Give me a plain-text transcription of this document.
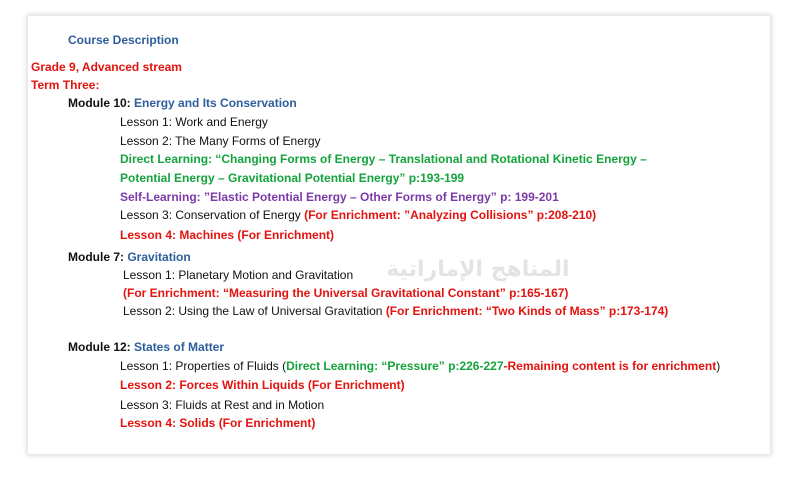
المناهج الإماراتية
Course Description
Grade 9, Advanced stream
Term Three:
Module 10: Energy and Its Conservation
Lesson 1: Work and Energy
Lesson 2: The Many Forms of Energy
Direct Learning: “Changing Forms of Energy – Translational and Rotational Kinetic Energy –
Potential Energy – Gravitational Potential Energy” p:193-199
Self-Learning: ”Elastic Potential Energy – Other Forms of Energy” p: 199-201
Lesson 3: Conservation of Energy (For Enrichment: ”Analyzing Collisions” p:208-210)
Lesson 4: Machines (For Enrichment)
Module 7: Gravitation
Lesson 1: Planetary Motion and Gravitation
(For Enrichment: “Measuring the Universal Gravitational Constant” p:165-167)
Lesson 2: Using the Law of Universal Gravitation (For Enrichment: “Two Kinds of Mass” p:173-174)
Module 12: States of Matter
Lesson 1: Properties of Fluids (Direct Learning: “Pressure” p:226-227-Remaining content is for enrichment)
Lesson 2: Forces Within Liquids (For Enrichment)
Lesson 3: Fluids at Rest and in Motion
Lesson 4: Solids (For Enrichment)
